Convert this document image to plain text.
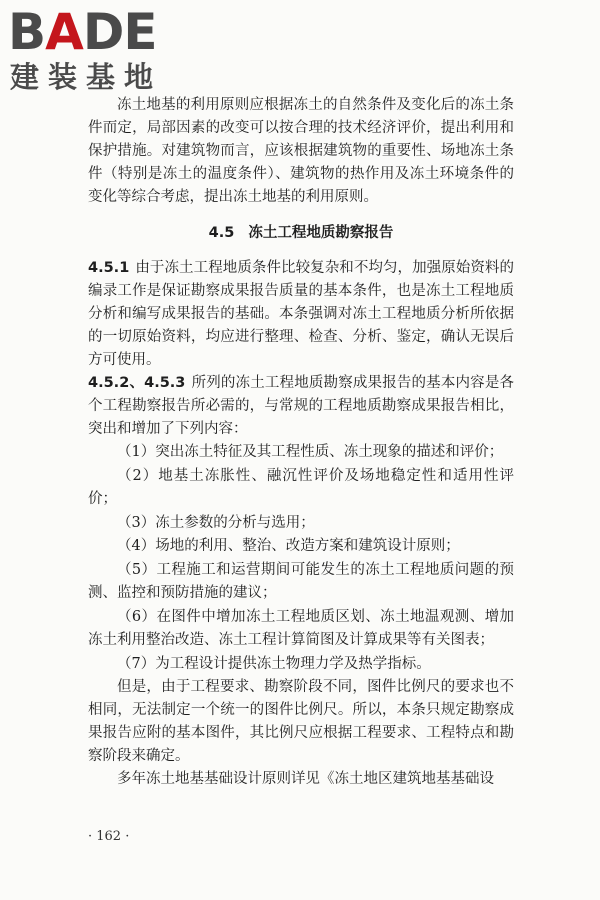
BADE
建装基地

冻土地基的利用原则应根据冻土的自然条件及变化后的冻土条件而定，局部因素的改变可以按合理的技术经济评价，提出利用和保护措施。对建筑物而言，应该根据建筑物的重要性、场地冻土条件（特别是冻土的温度条件）、建筑物的热作用及冻土环境条件的变化等综合考虑，提出冻土地基的利用原则。

4.5 冻土工程地质勘察报告

4.5.1 由于冻土工程地质条件比较复杂和不均匀，加强原始资料的编录工作是保证勘察成果报告质量的基本条件，也是冻土工程地质分析和编写成果报告的基础。本条强调对冻土工程地质分析所依据的一切原始资料，均应进行整理、检查、分析、鉴定，确认无误后方可使用。

4.5.2、4.5.3 所列的冻土工程地质勘察成果报告的基本内容是各个工程勘察报告所必需的，与常规的工程地质勘察成果报告相比，突出和增加了下列内容：

（1）突出冻土特征及其工程性质、冻土现象的描述和评价；

（2）地基土冻胀性、融沉性评价及场地稳定性和适用性评价；

（3）冻土参数的分析与选用；

（4）场地的利用、整治、改造方案和建筑设计原则；

（5）工程施工和运营期间可能发生的冻土工程地质问题的预测、监控和预防措施的建议；

（6）在图件中增加冻土工程地质区划、冻土地温观测、增加冻土利用整治改造、冻土工程计算简图及计算成果等有关图表；

（7）为工程设计提供冻土物理力学及热学指标。

但是，由于工程要求、勘察阶段不同，图件比例尺的要求也不相同，无法制定一个统一的图件比例尺。所以，本条只规定勘察成果报告应附的基本图件，其比例尺应根据工程要求、工程特点和勘察阶段来确定。

多年冻土地基基础设计原则详见《冻土地区建筑地基基础设

· 162 ·
